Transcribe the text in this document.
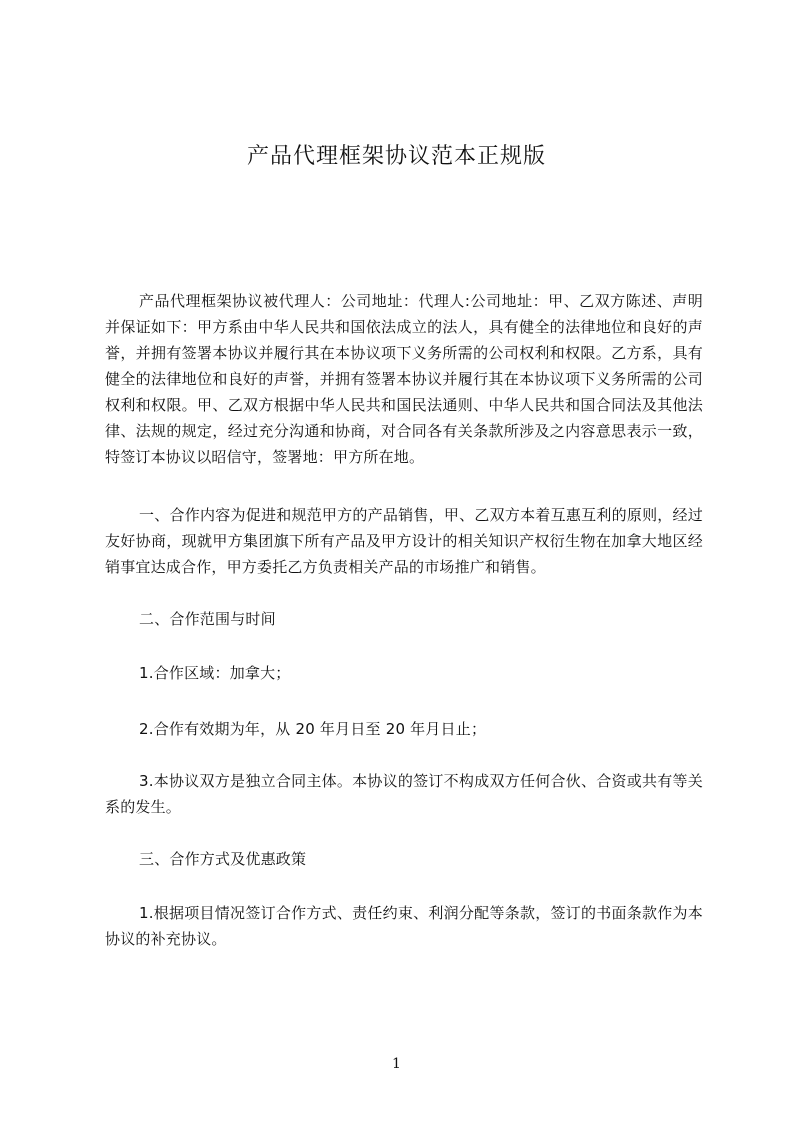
产品代理框架协议范本正规版

产品代理框架协议被代理人：公司地址：代理人:公司地址：甲、乙双方陈述、声明并保证如下：甲方系由中华人民共和国依法成立的法人，具有健全的法律地位和良好的声誉，并拥有签署本协议并履行其在本协议项下义务所需的公司权利和权限。乙方系，具有健全的法律地位和良好的声誉，并拥有签署本协议并履行其在本协议项下义务所需的公司权利和权限。甲、乙双方根据中华人民共和国民法通则、中华人民共和国合同法及其他法律、法规的规定，经过充分沟通和协商，对合同各有关条款所涉及之内容意思表示一致，特签订本协议以昭信守，签署地：甲方所在地。

一、合作内容为促进和规范甲方的产品销售，甲、乙双方本着互惠互利的原则，经过友好协商，现就甲方集团旗下所有产品及甲方设计的相关知识产权衍生物在加拿大地区经销事宜达成合作，甲方委托乙方负责相关产品的市场推广和销售。

二、合作范围与时间

1.合作区域：加拿大；

2.合作有效期为年，从 20 年月日至 20 年月日止；

3.本协议双方是独立合同主体。本协议的签订不构成双方任何合伙、合资或共有等关系的发生。

三、合作方式及优惠政策

1.根据项目情况签订合作方式、责任约束、利润分配等条款，签订的书面条款作为本协议的补充协议。

1
